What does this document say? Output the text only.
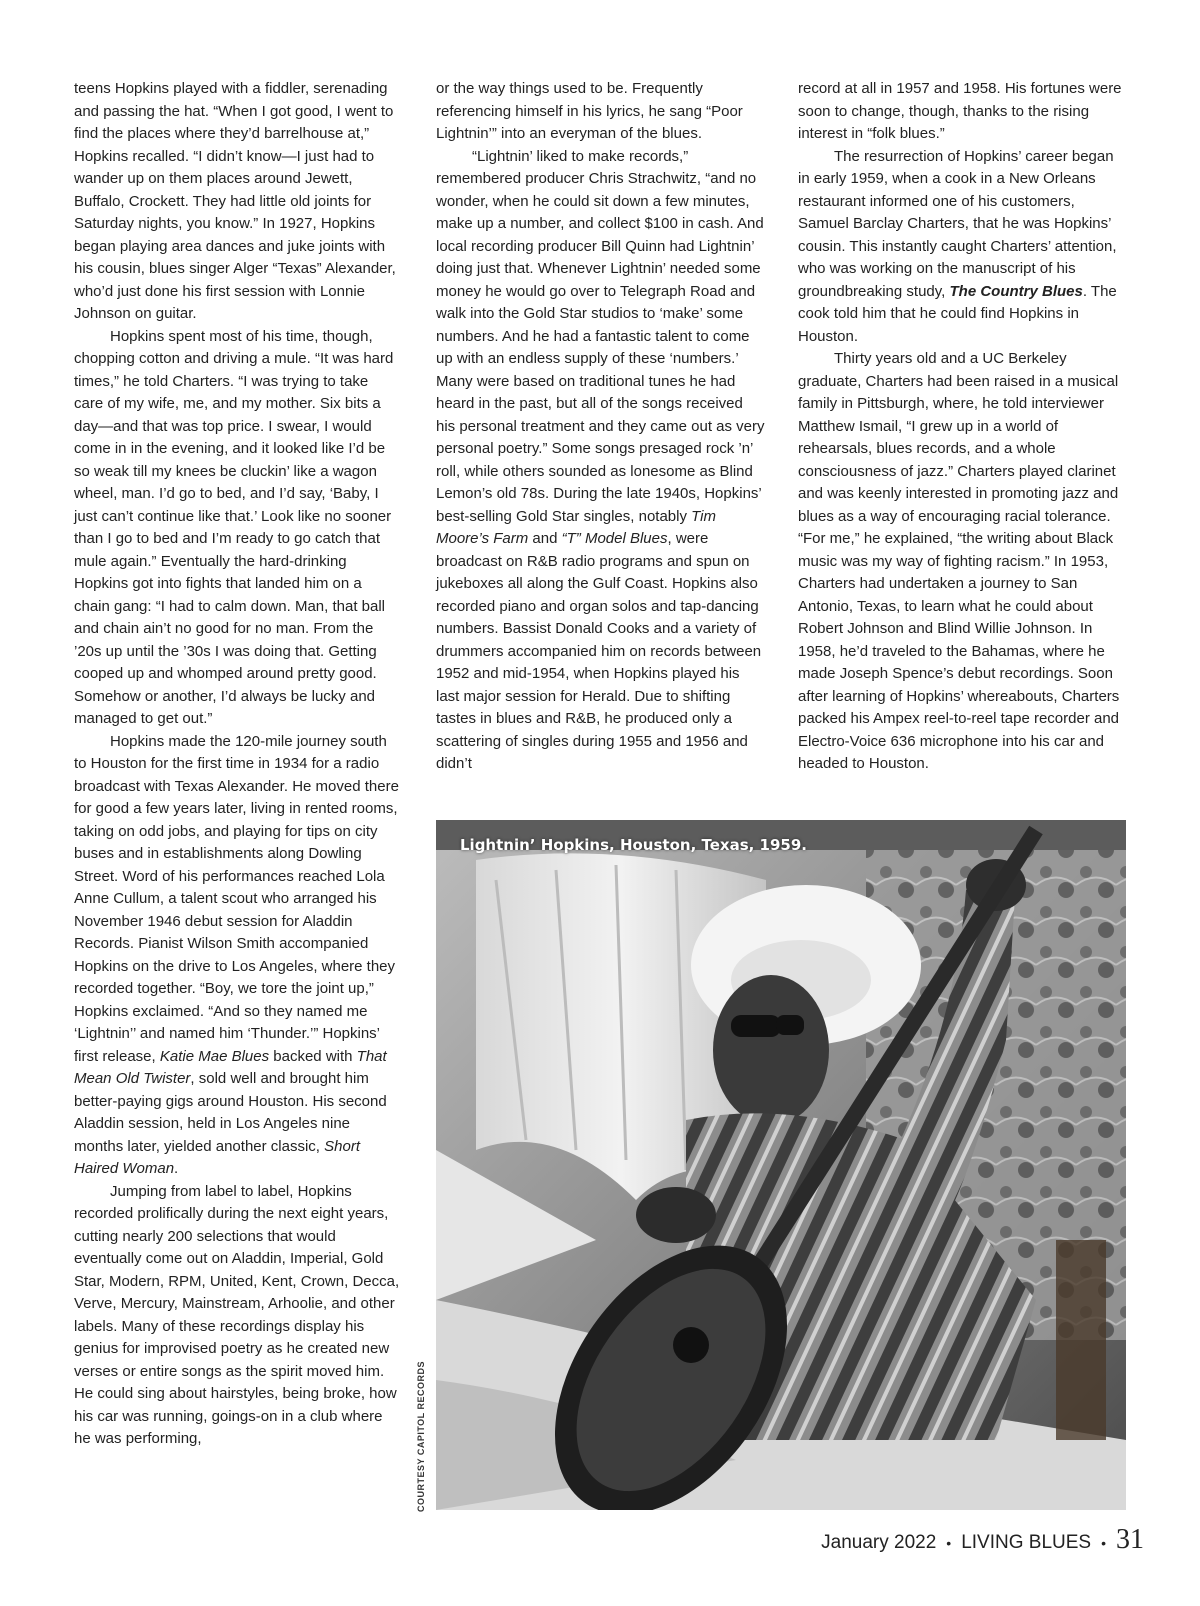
teens Hopkins played with a fiddler, serenading and passing the hat. “When I got good, I went to find the places where they’d barrelhouse at,” Hopkins recalled. “I didn’t know—I just had to wander up on them places around Jewett, Buffalo, Crockett. They had little old joints for Saturday nights, you know.” In 1927, Hopkins began playing area dances and juke joints with his cousin, blues singer Alger “Texas” Alexander, who’d just done his first session with Lonnie Johnson on guitar.

Hopkins spent most of his time, though, chopping cotton and driving a mule. “It was hard times,” he told Charters. “I was trying to take care of my wife, me, and my mother. Six bits a day—and that was top price. I swear, I would come in in the evening, and it looked like I’d be so weak till my knees be cluckin’ like a wagon wheel, man. I’d go to bed, and I’d say, ‘Baby, I just can’t continue like that.’ Look like no sooner than I go to bed and I’m ready to go catch that mule again.” Eventually the hard-drinking Hopkins got into fights that landed him on a chain gang: “I had to calm down. Man, that ball and chain ain’t no good for no man. From the ’20s up until the ’30s I was doing that. Getting cooped up and whomped around pretty good. Somehow or another, I’d always be lucky and managed to get out.”

Hopkins made the 120-mile journey south to Houston for the first time in 1934 for a radio broadcast with Texas Alexander. He moved there for good a few years later, living in rented rooms, taking on odd jobs, and playing for tips on city buses and in establishments along Dowling Street. Word of his performances reached Lola Anne Cullum, a talent scout who arranged his November 1946 debut session for Aladdin Records. Pianist Wilson Smith accompanied Hopkins on the drive to Los Angeles, where they recorded together. “Boy, we tore the joint up,” Hopkins exclaimed. “And so they named me ‘Lightnin’’ and named him ‘Thunder.’” Hopkins’ first release, Katie Mae Blues backed with That Mean Old Twister, sold well and brought him better-paying gigs around Houston. His second Aladdin session, held in Los Angeles nine months later, yielded another classic, Short Haired Woman.

Jumping from label to label, Hopkins recorded prolifically during the next eight years, cutting nearly 200 selections that would eventually come out on Aladdin, Imperial, Gold Star, Modern, RPM, United, Kent, Crown, Decca, Verve, Mercury, Mainstream, Arhoolie, and other labels. Many of these recordings display his genius for improvised poetry as he created new verses or entire songs as the spirit moved him. He could sing about hairstyles, being broke, how his car was running, goings-on in a club where he was performing,

or the way things used to be. Frequently referencing himself in his lyrics, he sang “Poor Lightnin’” into an everyman of the blues.

“Lightnin’ liked to make records,” remembered producer Chris Strachwitz, “and no wonder, when he could sit down a few minutes, make up a number, and collect $100 in cash. And local recording producer Bill Quinn had Lightnin’ doing just that. Whenever Lightnin’ needed some money he would go over to Telegraph Road and walk into the Gold Star studios to ‘make’ some numbers. And he had a fantastic talent to come up with an endless supply of these ‘numbers.’ Many were based on traditional tunes he had heard in the past, but all of the songs received his personal treatment and they came out as very personal poetry.” Some songs presaged rock ’n’ roll, while others sounded as lonesome as Blind Lemon’s old 78s. During the late 1940s, Hopkins’ best-selling Gold Star singles, notably Tim Moore’s Farm and “T” Model Blues, were broadcast on R&B radio programs and spun on jukeboxes all along the Gulf Coast. Hopkins also recorded piano and organ solos and tap-dancing numbers. Bassist Donald Cooks and a variety of drummers accompanied him on records between 1952 and mid-1954, when Hopkins played his last major session for Herald. Due to shifting tastes in blues and R&B, he produced only a scattering of singles during 1955 and 1956 and didn’t

record at all in 1957 and 1958. His fortunes were soon to change, though, thanks to the rising interest in “folk blues.”

The resurrection of Hopkins’ career began in early 1959, when a cook in a New Orleans restaurant informed one of his customers, Samuel Barclay Charters, that he was Hopkins’ cousin. This instantly caught Charters’ attention, who was working on the manuscript of his groundbreaking study, The Country Blues. The cook told him that he could find Hopkins in Houston.

Thirty years old and a UC Berkeley graduate, Charters had been raised in a musical family in Pittsburgh, where, he told interviewer Matthew Ismail, “I grew up in a world of rehearsals, blues records, and a whole consciousness of jazz.” Charters played clarinet and was keenly interested in promoting jazz and blues as a way of encouraging racial tolerance. “For me,” he explained, “the writing about Black music was my way of fighting racism.” In 1953, Charters had undertaken a journey to San Antonio, Texas, to learn what he could about Robert Johnson and Blind Willie Johnson. In 1958, he’d traveled to the Bahamas, where he made Joseph Spence’s debut recordings. Soon after learning of Hopkins’ whereabouts, Charters packed his Ampex reel-to-reel tape recorder and Electro-Voice 636 microphone into his car and headed to Houston.

Lightnin’ Hopkins, Houston, Texas, 1959.
COURTESY CAPITOL RECORDS
January 2022 • LIVING BLUES • 31
